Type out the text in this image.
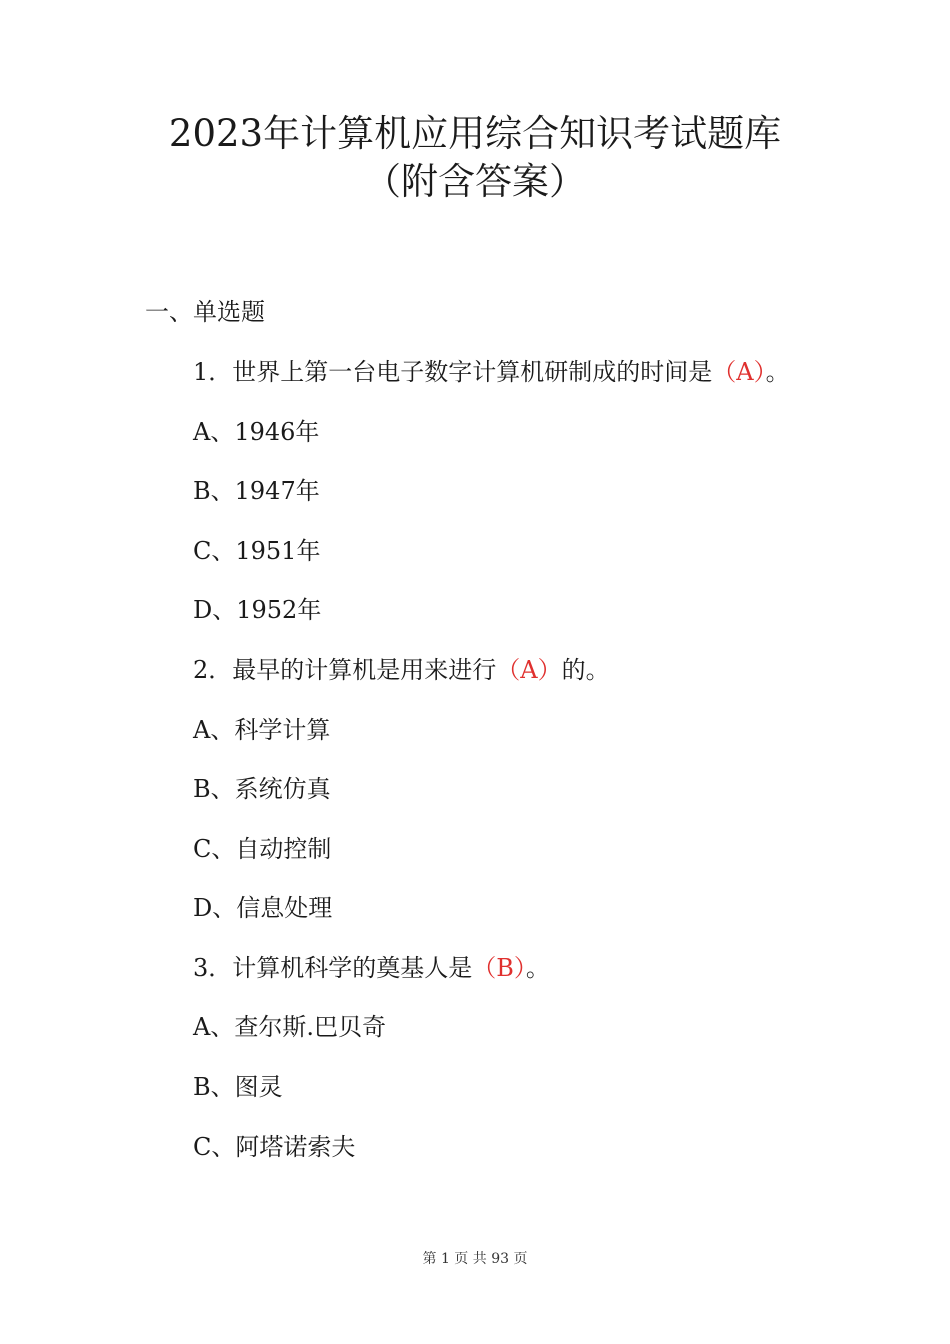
2023年计算机应用综合知识考试题库
（附含答案）
一、单选题
1．世界上第一台电子数字计算机研制成的时间是（A）。
A、1946年
B、1947年
C、1951年
D、1952年
2．最早的计算机是用来进行（A）的。
A、科学计算
B、系统仿真
C、自动控制
D、信息处理
3．计算机科学的奠基人是（B）。
A、查尔斯.巴贝奇
B、图灵
C、阿塔诺索夫
第 1 页 共 93 页
